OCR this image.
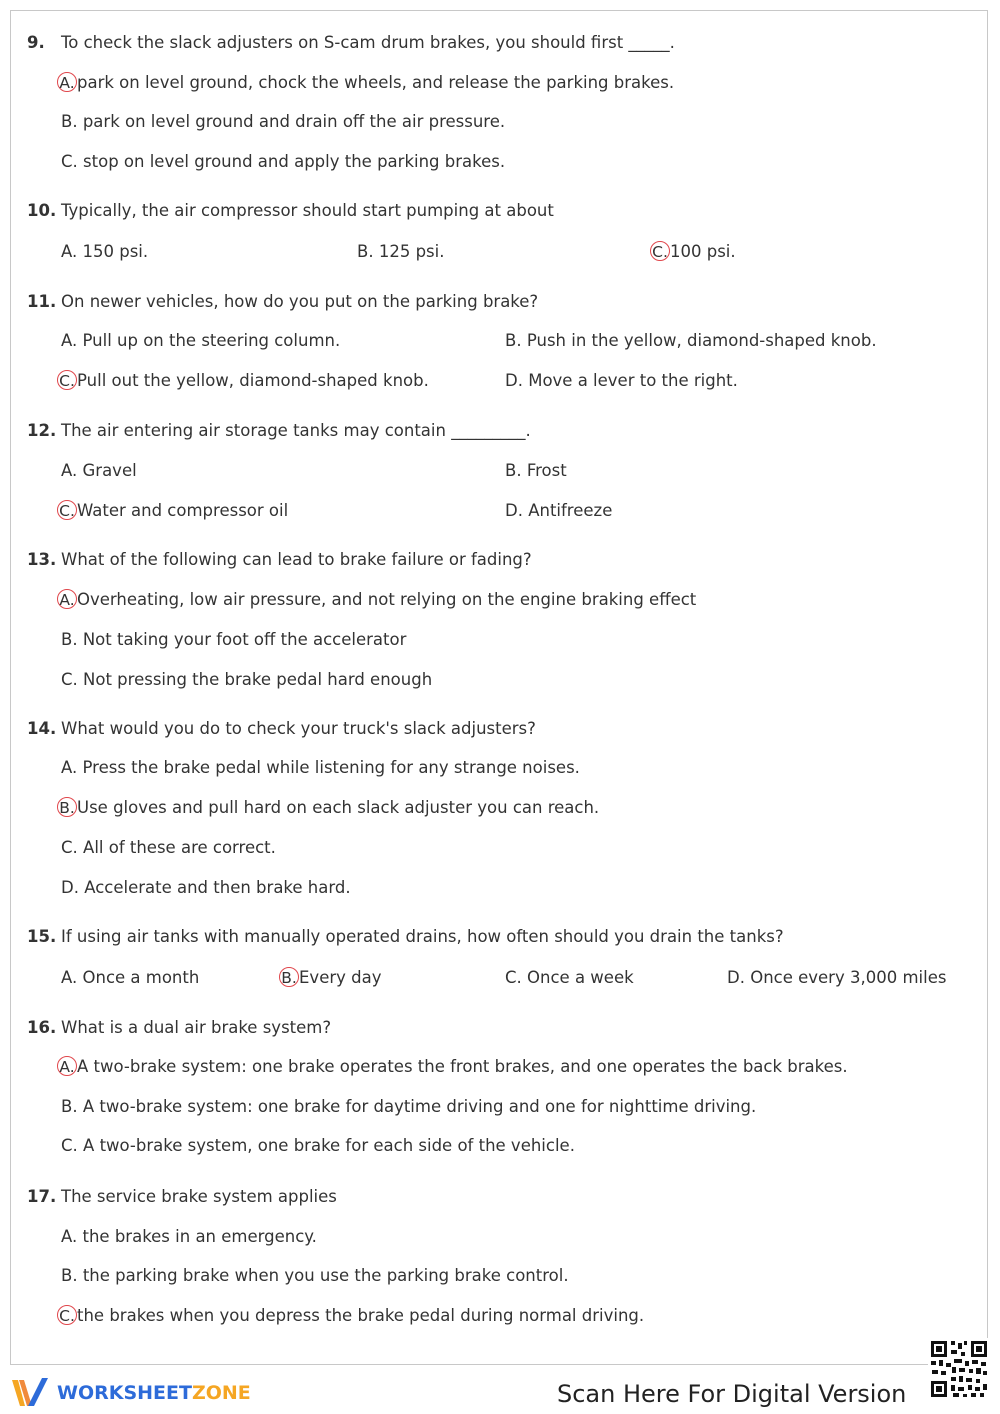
9. To check the slack adjusters on S-cam drum brakes, you should first _____.
A. park on level ground, chock the wheels, and release the parking brakes.
B. park on level ground and drain off the air pressure.
C. stop on level ground and apply the parking brakes.
10. Typically, the air compressor should start pumping at about
A. 150 psi.	B. 125 psi.	C. 100 psi.
11. On newer vehicles, how do you put on the parking brake?
A. Pull up on the steering column.	B. Push in the yellow, diamond-shaped knob.
C. Pull out the yellow, diamond-shaped knob.	D. Move a lever to the right.
12. The air entering air storage tanks may contain _________.
A. Gravel	B. Frost
C. Water and compressor oil	D. Antifreeze
13. What of the following can lead to brake failure or fading?
A. Overheating, low air pressure, and not relying on the engine braking effect
B. Not taking your foot off the accelerator
C. Not pressing the brake pedal hard enough
14. What would you do to check your truck's slack adjusters?
A. Press the brake pedal while listening for any strange noises.
B. Use gloves and pull hard on each slack adjuster you can reach.
C. All of these are correct.
D. Accelerate and then brake hard.
15. If using air tanks with manually operated drains, how often should you drain the tanks?
A. Once a month	B. Every day	C. Once a week	D. Once every 3,000 miles
16. What is a dual air brake system?
A. A two-brake system: one brake operates the front brakes, and one operates the back brakes.
B. A two-brake system: one brake for daytime driving and one for nighttime driving.
C. A two-brake system, one brake for each side of the vehicle.
17. The service brake system applies
A. the brakes in an emergency.
B. the parking brake when you use the parking brake control.
C. the brakes when you depress the brake pedal during normal driving.
WORKSHEETZONE	Scan Here For Digital Version
